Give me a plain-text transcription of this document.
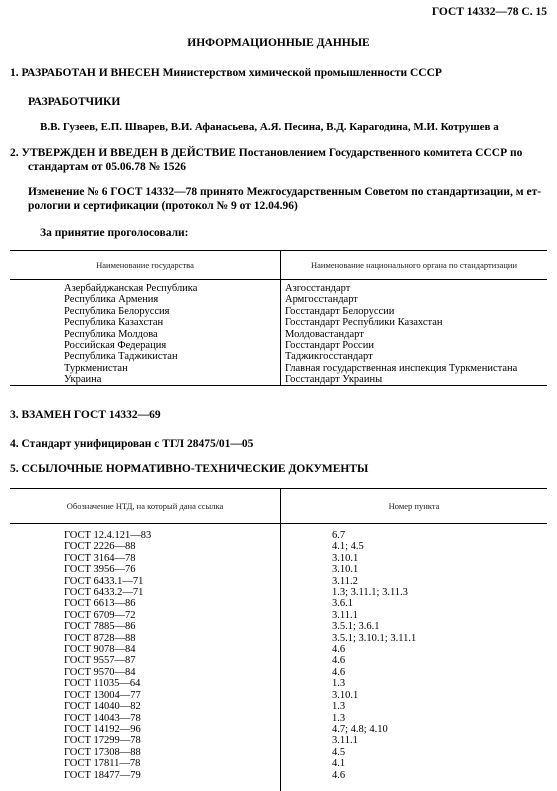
ГОСТ 14332—78 С. 15
ИНФОРМАЦИОННЫЕ ДАННЫЕ
1. РАЗРАБОТАН И ВНЕСЕН Министерством химической промышленности СССР
РАЗРАБОТЧИКИ
В.В. Гузеев, Е.П. Шварев, В.И. Афанасьева, А.Я. Песина, В.Д. Карагодина, М.И. Котрушев а
2. УТВЕРЖДЕН И ВВЕДЕН В ДЕЙСТВИЕ Постановлением Государственного комитета СССР по
стандартам от 05.06.78 № 1526
Изменение № 6 ГОСТ 14332—78 принято Межгосударственным Советом по стандартизации, м ет-
рологии и сертификации (протокол № 9 от 12.04.96)
За принятие проголосовали:
Наименование государства	Наименование национального органа по стандартизации
Азербайджанская Республика
Республика Армения
Республика Белоруссия
Республика Казахстан
Республика Молдова
Российская Федерация
Республика Таджикистан
Туркменистан
Украина
Азгосстандарт
Армгосстандарт
Госстандарт Белоруссии
Госстандарт Республики Казахстан
Молдовастандарт
Госстандарт России
Таджикгосстандарт
Главная государственная инспекция Туркменистана
Госстандарт Украины
3. ВЗАМЕН ГОСТ 14332—69
4. Стандарт унифицирован с ТГЛ 28475/01—05
5. ССЫЛОЧНЫЕ НОРМАТИВНО-ТЕХНИЧЕСКИЕ ДОКУМЕНТЫ
Обозначение НТД, на который дана ссылка	Номер пункта
ГОСТ 12.4.121—83
ГОСТ 2226—88
ГОСТ 3164—78
ГОСТ 3956—76
ГОСТ 6433.1—71
ГОСТ 6433.2—71
ГОСТ 6613—86
ГОСТ 6709—72
ГОСТ 7885—86
ГОСТ 8728—88
ГОСТ 9078—84
ГОСТ 9557—87
ГОСТ 9570—84
ГОСТ 11035—64
ГОСТ 13004—77
ГОСТ 14040—82
ГОСТ 14043—78
ГОСТ 14192—96
ГОСТ 17299—78
ГОСТ 17308—88
ГОСТ 17811—78
ГОСТ 18477—79
6.7
4.1; 4.5
3.10.1
3.10.1
3.11.2
1.3; 3.11.1; 3.11.3
3.6.1
3.11.1
3.5.1; 3.6.1
3.5.1; 3.10.1; 3.11.1
4.6
4.6
4.6
1.3
3.10.1
1.3
1.3
4.7; 4.8; 4.10
3.11.1
4.5
4.1
4.6
